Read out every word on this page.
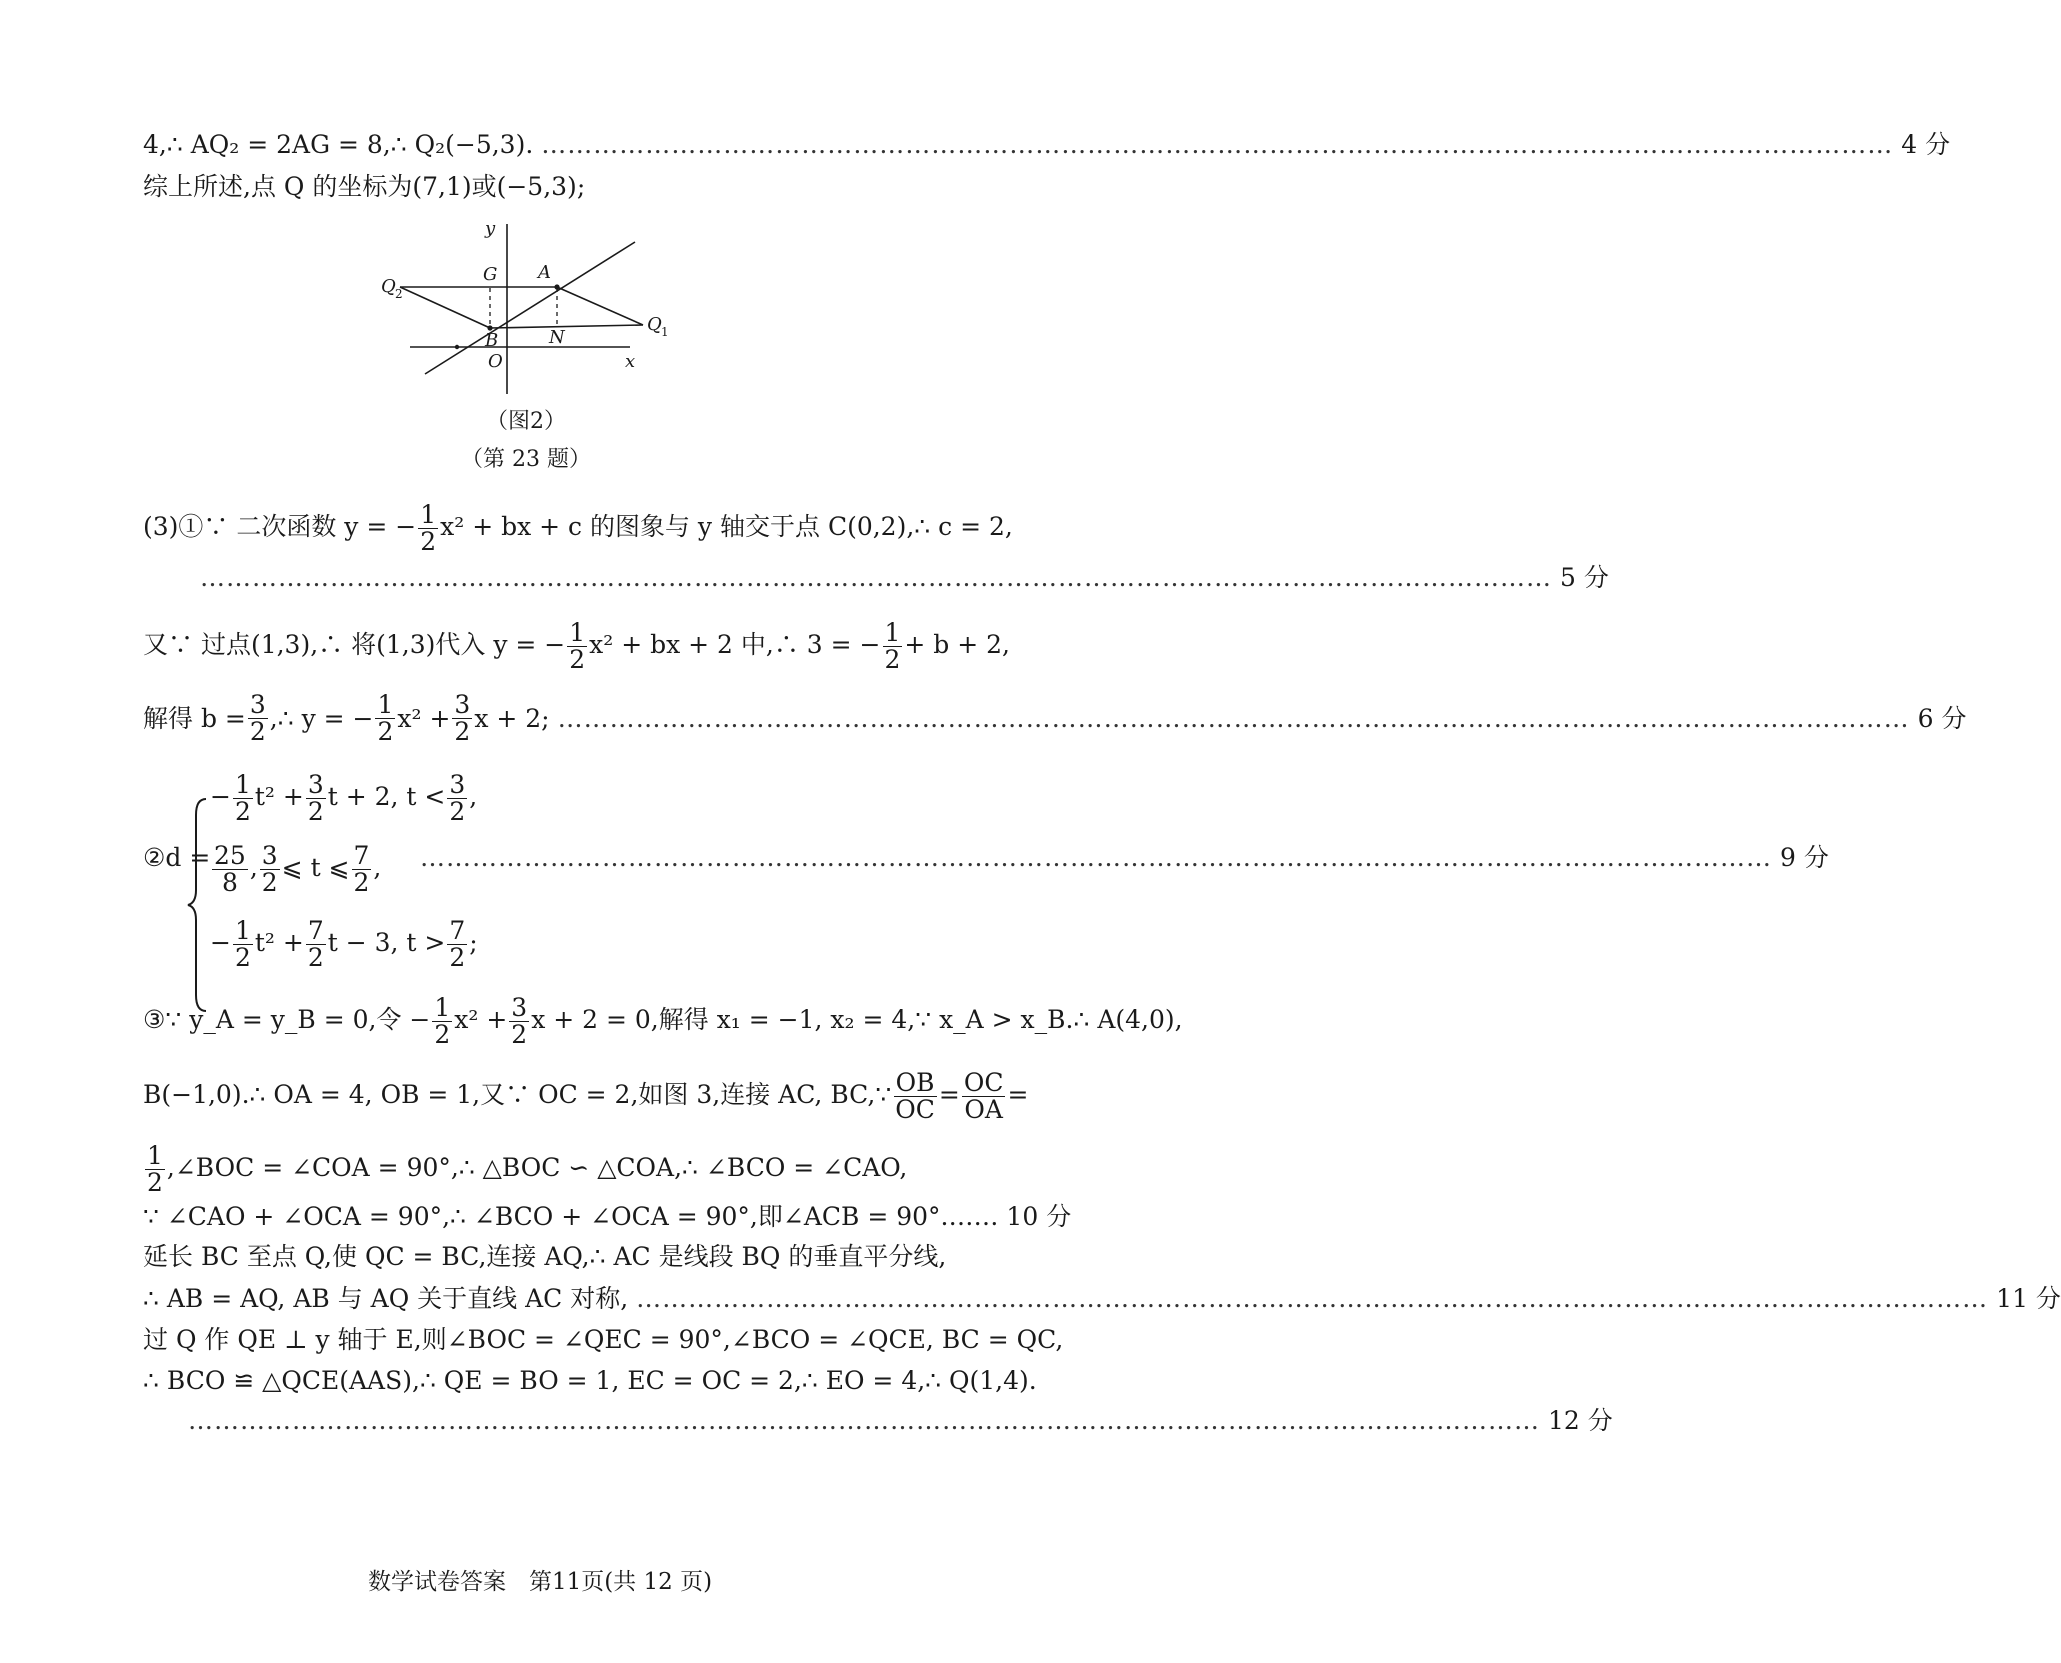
4,∴ AQ₂ = 2AG = 8,∴ Q₂(−5,3). ………………………………………………………………………………………………………………………………………… 4 分
综上所述,点 Q 的坐标为(7,1)或(−5,3);
y
G A
Q 2
Q 1
B	N
O	x
（图2）
（第 23 题）
(3)①∵ 二次函数 y = − $\frac{1}{2} x^2$ + bx + c 的图象与 y 轴交于点 C(0,2),∴ c = 2,
………………………………………………………………………………………………………………………………………… 5 分
又∵ 过点(1,3),∴ 将(1,3)代入 y = − $\frac{1}{2} x^2$ + bx + 2 中,∴ 3 = − $\frac{1}{2} + b + 2$,
解得 $b = \frac{3}{2}$ ,∴ y = − $\frac{1}{2} x^2 + \frac{3}{2}$ x + 2; ………………………………………………………………………………………………………………………………………… 6 分
②d =
− $\frac{1}{2} t^2 + \frac{3}{2}$ t + 2, $t < \frac{3}{2}$ ,
$\frac{25}{8}$ , $\frac{3}{2}$ ⩽ t ⩽ $\frac{7}{2}$ ,	………………………………………………………………………………………………………………………………………… 9 分
− $\frac{1}{2} t^2 + \frac{7}{2}$ t − 3, $t > \frac{7}{2}$ ;
③∵ y_A = y_B = 0,令 − $\frac{1}{2} x^2 + \frac{3}{2}$ x + 2 = 0,解得 x₁ = −1, x₂ = 4,∵ x_A > x_B.∴ A(4,0),
B(−1,0).∴ OA = 4, OB = 1,又∵ OC = 2,如图 3,连接 AC, BC,∵ $\frac{OB}{OC} = \frac{OC}{OA}$ =
$\frac{1}{2}$ ,∠BOC = ∠COA = 90°,∴ △BOC ∽ △COA,∴ ∠BCO = ∠CAO,
∵ ∠CAO + ∠OCA = 90°,∴ ∠BCO + ∠OCA = 90°,即∠ACB = 90°. …… 10 分
延长 BC 至点 Q,使 QC = BC,连接 AQ,∴ AC 是线段 BQ 的垂直平分线,
∴ AB = AQ, AB 与 AQ 关于直线 AC 对称, ………………………………………………………………………………………………………………………………………… 11 分
过 Q 作 QE ⊥ y 轴于 E,则∠BOC = ∠QEC = 90°,∠BCO = ∠QCE, BC = QC,
∴ BCO ≌ △QCE(AAS),∴ QE = BO = 1, EC = OC = 2,∴ EO = 4,∴ Q(1,4).
………………………………………………………………………………………………………………………………………… 12 分
数学试卷答案　第11页(共 12 页)
